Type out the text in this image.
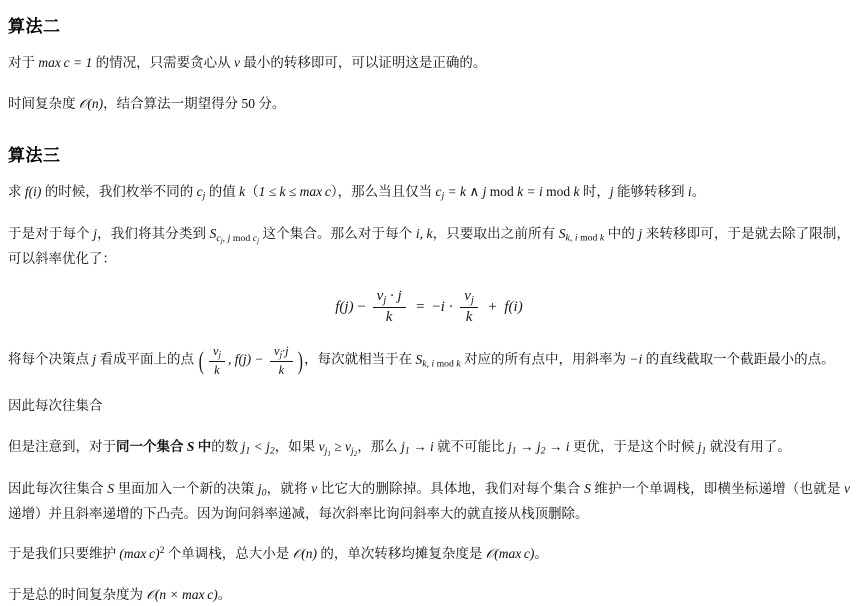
算法二

对于 max c = 1 的情况，只需要贪心从 v 最小的转移即可，可以证明这是正确的。

时间复杂度 𝒪(n)，结合算法一期望得分 50 分。

算法三

求 f(i) 的时候，我们枚举不同的 $c_j$ 的值 k（1 ≤ k ≤ max c），那么当且仅当 $c_j = k$ ∧ j mod k = i mod k 时，j 能够转移到 i。

于是对于每个 j，我们将其分类到 $S_{c_j, j mod c_j}$ 这个集合。那么对于每个 i, k，只要取出之前所有 $S_{k, i mod k}$ 中的 j 来转移即可，于是就去除了限制，可以斜率优化了：

$f(j) - \frac{v_j \cdot j}{k} = -i \cdot \frac{v_j}{k} + f(i)$

将每个决策点 j 看成平面上的点 ( $\frac{v_j}{k}$ , $f(j) - \frac{v_j\cdot j}{k}$ ) ，每次就相当于在 $S_{k, i mod k}$ 对应的所有点中，用斜率为 −i 的直线截取一个截距最小的点。

因此每次往集合

但是注意到，对于同一个集合 S 中的数 $j_1 < j_2$，如果 $v_{j_1} \ge v_{j_2}$，那么 $j_1 \to i$ 就不可能比 $j_1 \to j_2 \to i$ 更优，于是这个时候 $j_1$ 就没有用了。

因此每次往集合 S 里面加入一个新的决策 $j_0$，就将 v 比它大的删除掉。具体地，我们对每个集合 S 维护一个单调栈，即横坐标递增（也就是 v 递增）并且斜率递增的下凸壳。因为询问斜率递减，每次斜率比询问斜率大的就直接从栈顶删除。

于是我们只要维护 (max c)$^2$ 个单调栈，总大小是 𝒪(n) 的，单次转移均摊复杂度是 𝒪(max c)。

于是总的时间复杂度为 𝒪(n × max c)。
